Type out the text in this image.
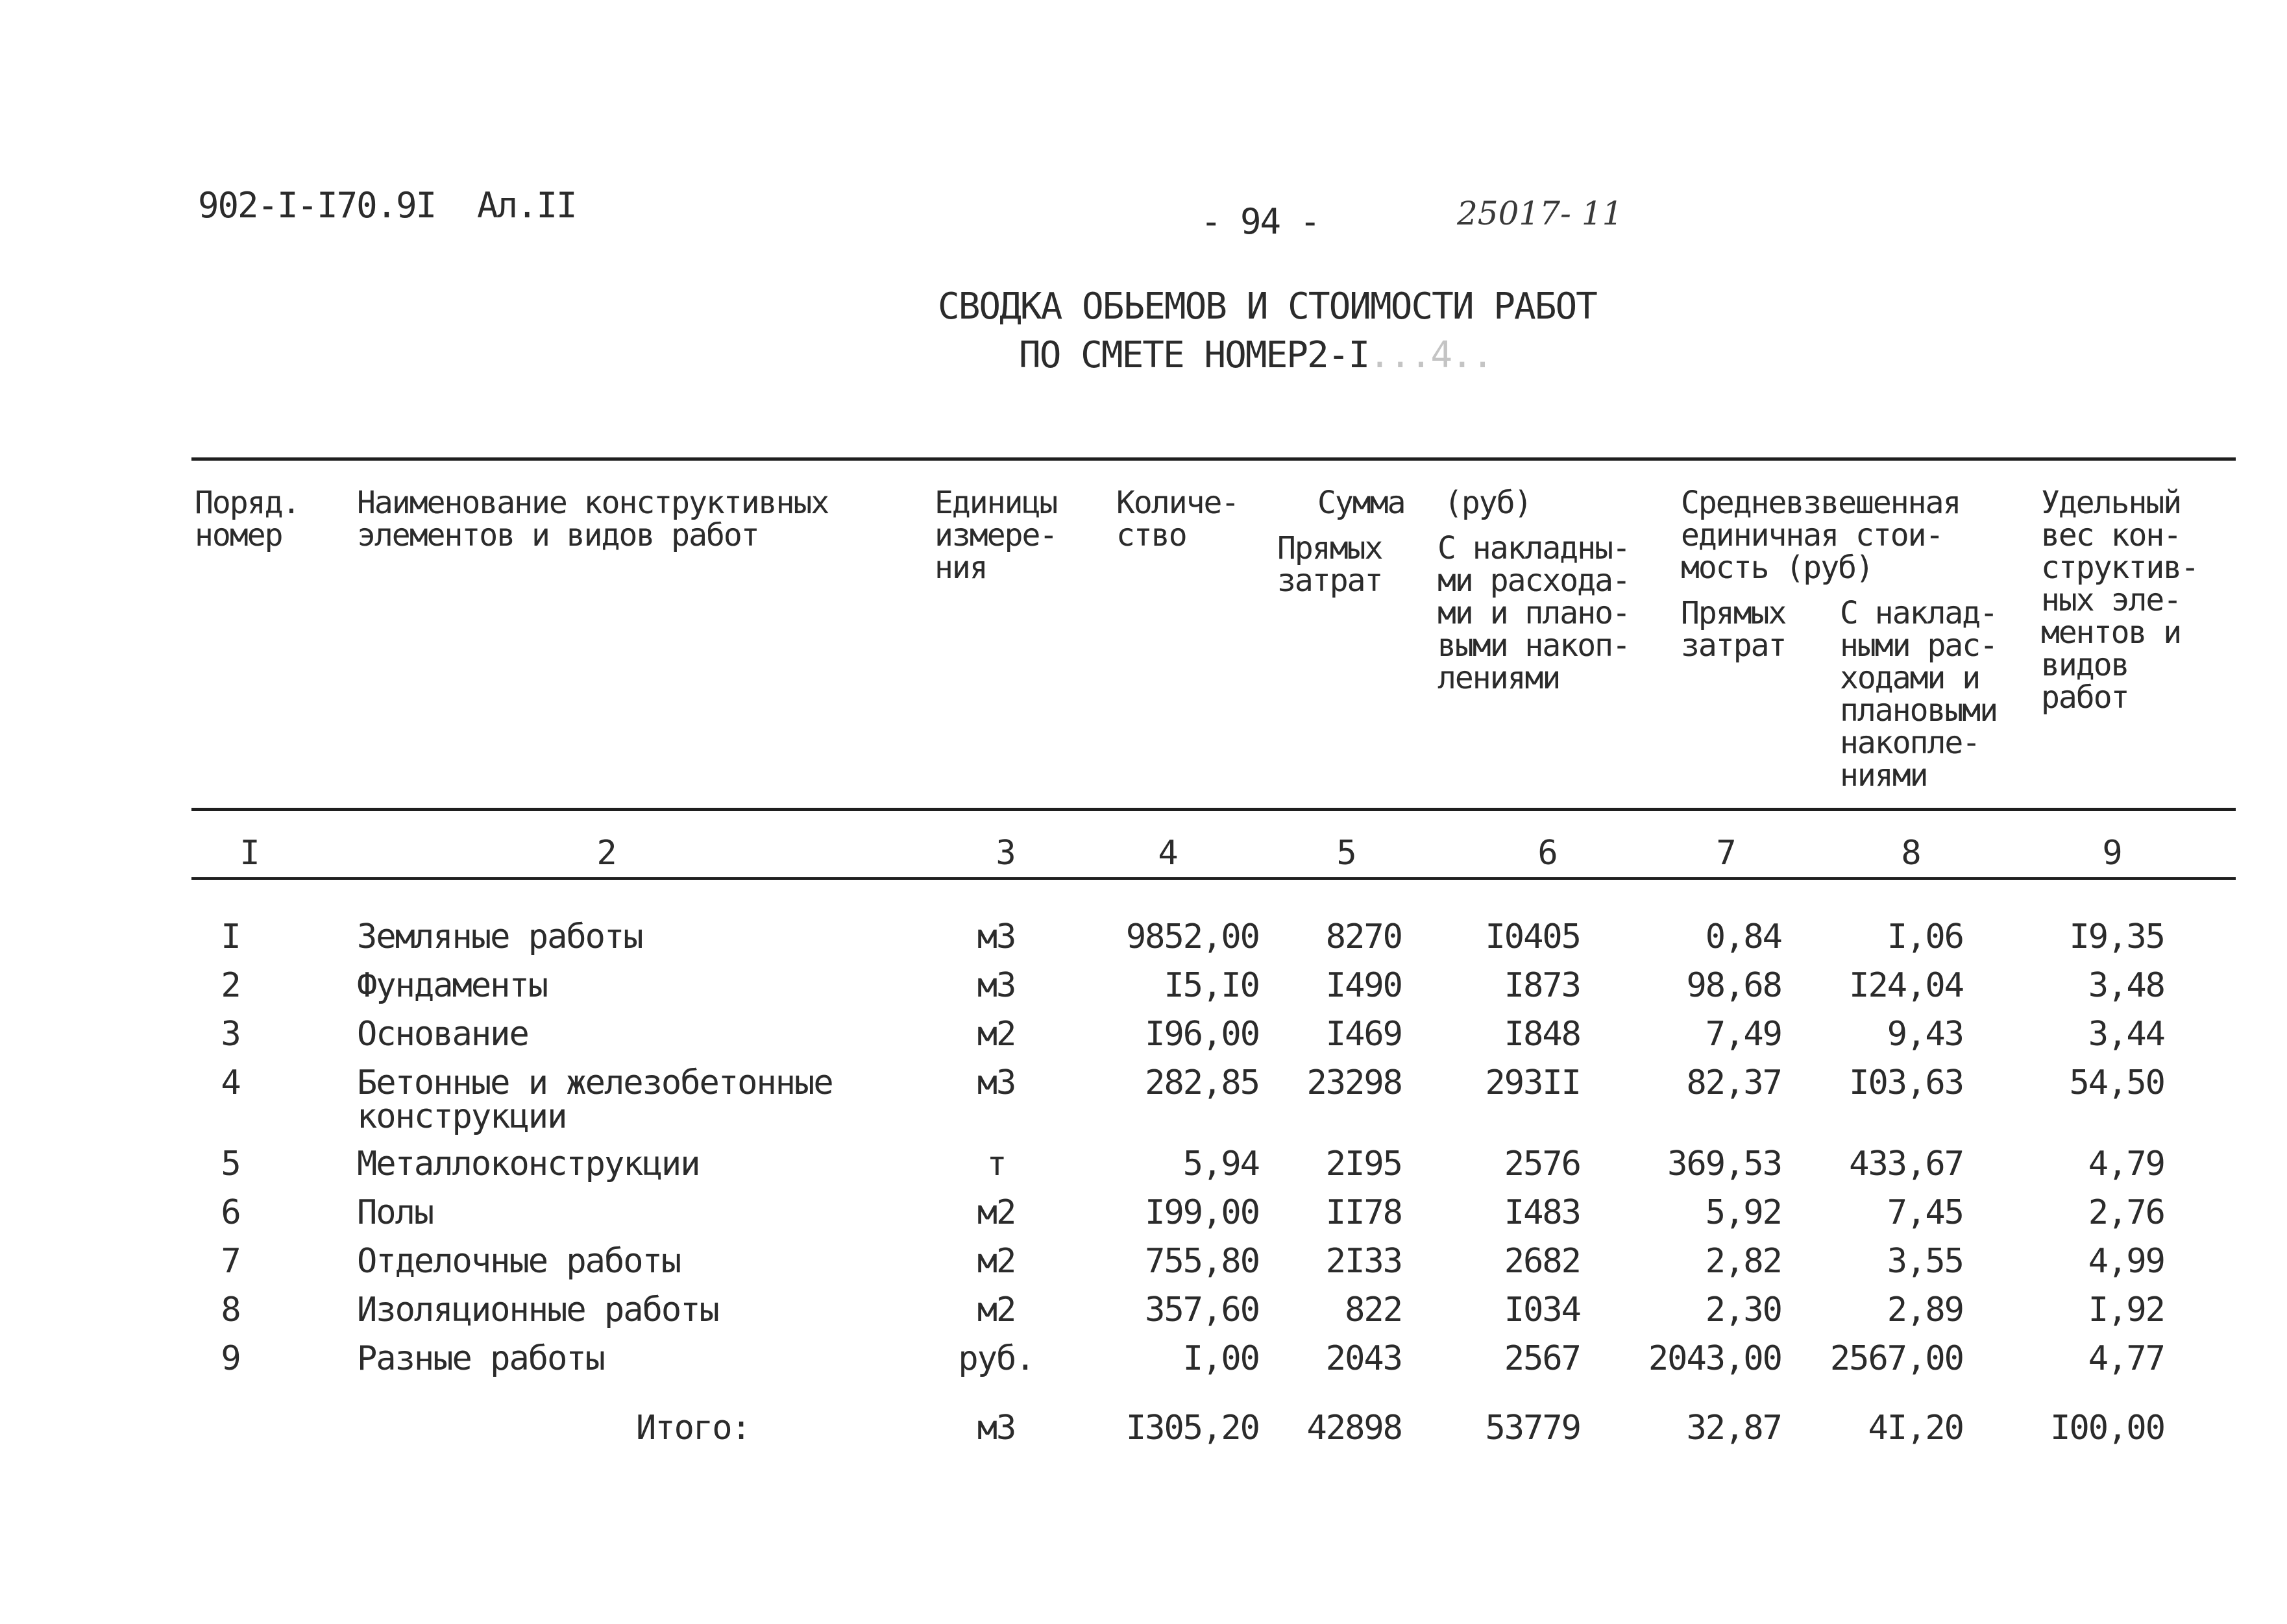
902-I-I70.9I Ал.II	- 94 -	25017- 11
СВОДКА ОБЬЕМОВ И СТОИМОСТИ РАБОТ
ПО СМЕТЕ НОМЕР2-I...4..
Поряд.
номер
Наименование конструктивных
элементов и видов работ
Единицы
измере-
ния
Количе-
ство
Сумма (руб)
Прямых
затрат
С накладны-
ми расхода-
ми и плано-
выми накоп-
лениями
Средневзвешенная
единичная стои-
мость (руб)
Прямых
затрат
С наклад-
ными рас-
ходами и
плановыми
накопле-
ниями
Удельный
вес кон-
структив-
ных эле-
ментов и
видов
работ
I	2	3	4	5	6	7	8	9
I	Земляные работы	м3	9852,00 8270 I0405	0,84	I,06	I9,35
2	Фундаменты	м3	I5,I0 I490	I873	98,68 I24,04	3,48
3	Основание	м2	I96,00 I469	I848	7,49	9,43	3,44
4	Бетонные и железобетонные
конструкции
м3	282,85 23298 293II	82,37 I03,63	54,50
5	Металлоконструкции	т	5,94 2I95	2576	369,53 433,67	4,79
6	Полы	м2	I99,00 II78	I483	5,92	7,45	2,76
7	Отделочные работы	м2	755,80 2I33	2682	2,82	3,55	4,99
8	Изоляционные работы	м2	357,60	822	I034	2,30	2,89	I,92
9	Разные работы	руб.	I,00 2043	2567 2043,00 2567,00	4,77
Итого:	м3	I305,20 42898 53779	32,87	4I,20	I00,00
